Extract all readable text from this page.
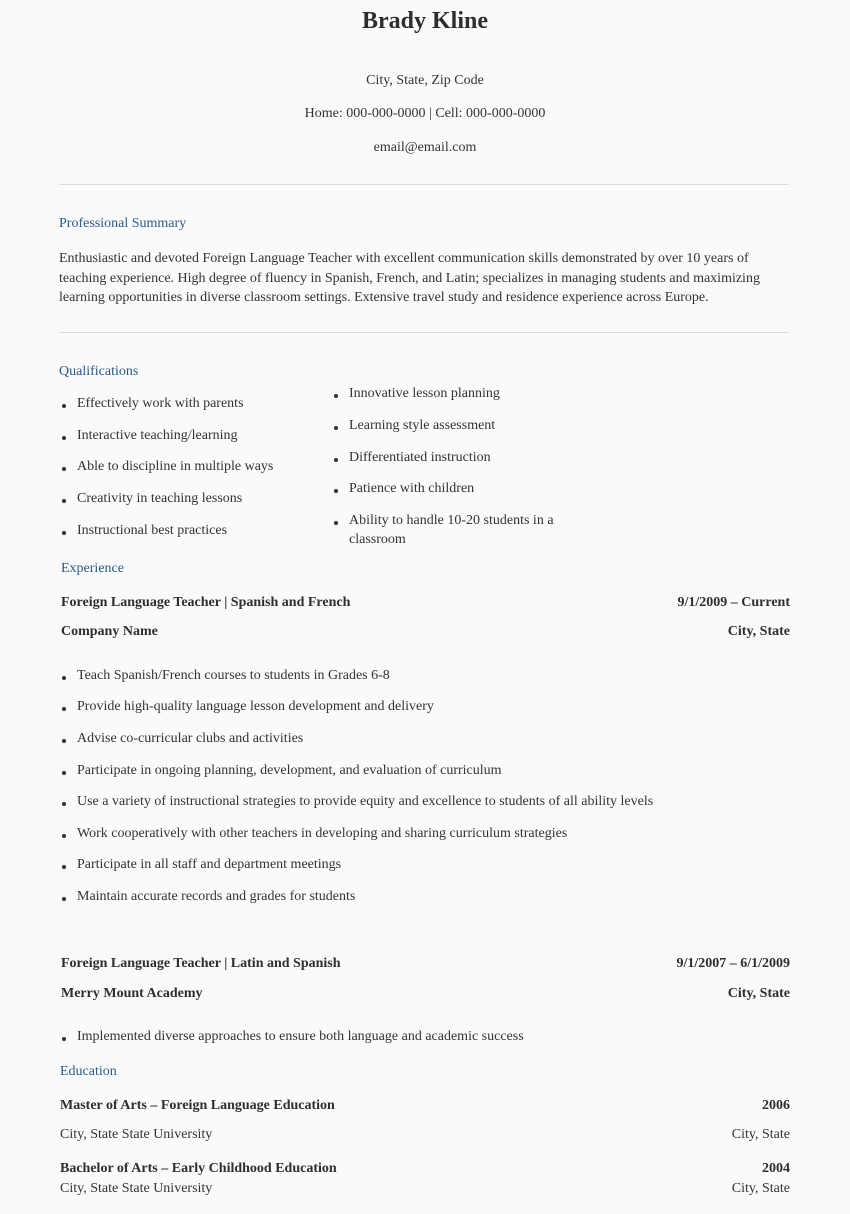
Brady Kline
City, State, Zip Code
Home: 000-000-0000 | Cell: 000-000-0000
email@email.com
Professional Summary
Enthusiastic and devoted Foreign Language Teacher with excellent communication skills demonstrated by over 10 years of
teaching experience. High degree of fluency in Spanish, French, and Latin; specializes in managing students and maximizing
learning opportunities in diverse classroom settings. Extensive travel study and residence experience across Europe.
Qualifications
Effectively work with parents
Interactive teaching/learning
Able to discipline in multiple ways
Creativity in teaching lessons
Instructional best practices
Innovative lesson planning
Learning style assessment
Differentiated instruction
Patience with children
Ability to handle 10-20 students in a
classroom
Experience
Foreign Language Teacher | Spanish and French	9/1/2009 – Current
Company Name	City, State
Teach Spanish/French courses to students in Grades 6-8
Provide high-quality language lesson development and delivery
Advise co-curricular clubs and activities
Participate in ongoing planning, development, and evaluation of curriculum
Use a variety of instructional strategies to provide equity and excellence to students of all ability levels
Work cooperatively with other teachers in developing and sharing curriculum strategies
Participate in all staff and department meetings
Maintain accurate records and grades for students
Foreign Language Teacher | Latin and Spanish	9/1/2007 – 6/1/2009
Merry Mount Academy	City, State
Implemented diverse approaches to ensure both language and academic success
Education
Master of Arts – Foreign Language Education	2006
City, State State University	City, State
Bachelor of Arts – Early Childhood Education	2004
City, State State University	City, State
